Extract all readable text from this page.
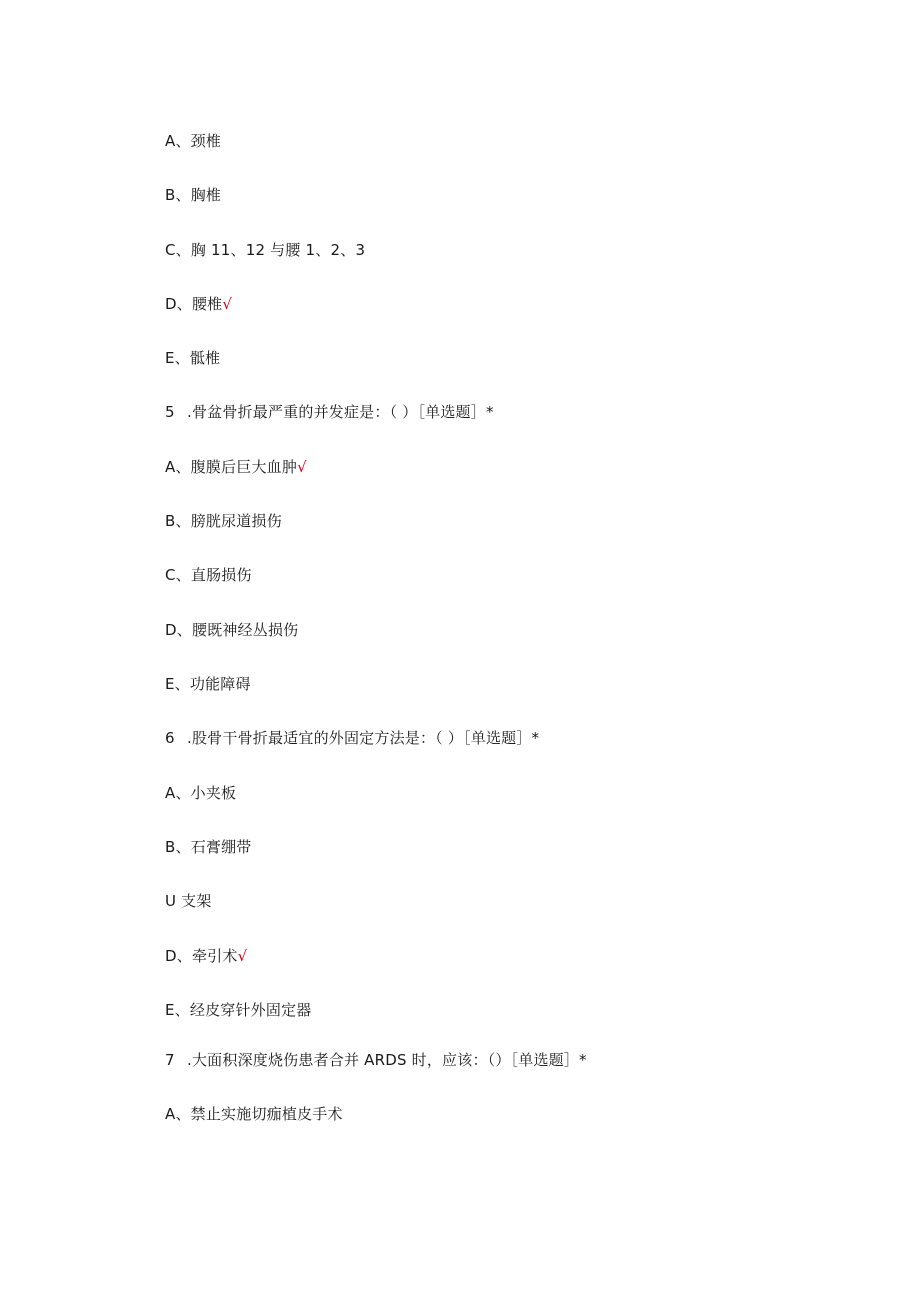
A、颈椎
B、胸椎
C、胸 11、12 与腰 1、2、3
D、腰椎√
E、骶椎
5 .骨盆骨折最严重的并发症是：（ ）［单选题］*
A、腹膜后巨大血肿√
B、膀胱尿道损伤
C、直肠损伤
D、腰既神经丛损伤
E、功能障碍
6 .股骨干骨折最适宜的外固定方法是：（ ）［单选题］*
A、小夹板
B、石膏绷带
U 支架
D、牵引术√
E、经皮穿针外固定器
7 .大面积深度烧伤患者合并 ARDS 时，应该：（）［单选题］*
A、禁止实施切痂植皮手术
